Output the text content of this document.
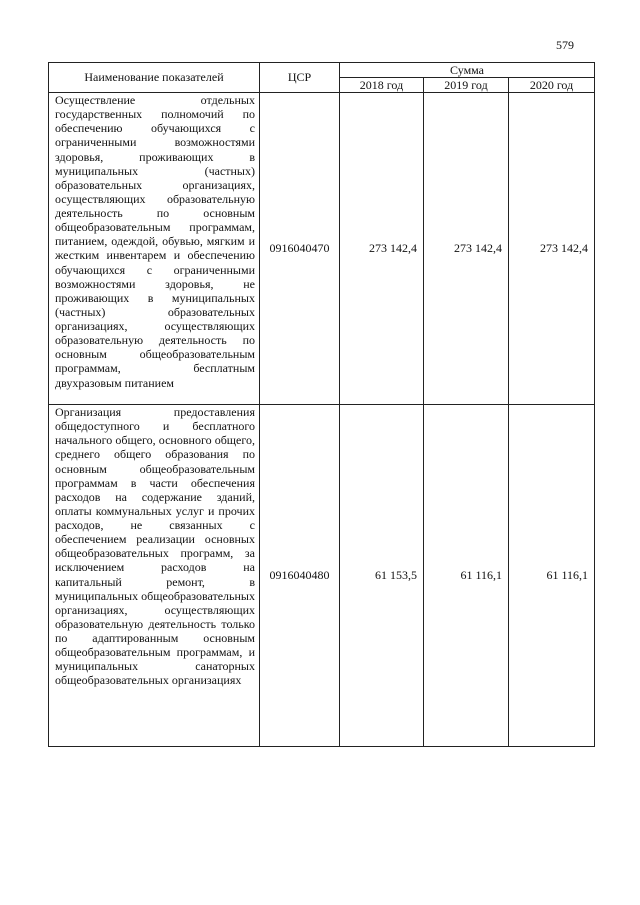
579
Наименование показателей	ЦСР	Сумма		
		2018 год	2019 год	2020 год
Осуществление отдельных государственных полномочий по обеспечению обучающихся с ограниченными возможностями здоровья, проживающих в муниципальных (частных) образовательных организациях, осуществляющих образовательную деятельность по основным общеобразовательным программам, питанием, одеждой, обувью, мягким и жестким инвентарем и обеспечению обучающихся с ограниченными возможностями здоровья, не проживающих в муниципальных (частных) образовательных организациях, осуществляющих образовательную деятельность по основным общеобразовательным программам, бесплатным двухразовым питанием	0916040470	273 142,4	273 142,4	273 142,4
Организация предоставления общедоступного и бесплатного начального общего, основного общего, среднего общего образования по основным общеобразовательным программам в части обеспечения расходов на содержание зданий, оплаты коммунальных услуг и прочих расходов, не связанных с обеспечением реализации основных общеобразовательных программ, за исключением расходов на капитальный ремонт, в муниципальных общеобразовательных организациях, осуществляющих образовательную деятельность только по адаптированным основным общеобразовательным программам, и муниципальных санаторных общеобразовательных организациях	0916040480	61 153,5	61 116,1	61 116,1
